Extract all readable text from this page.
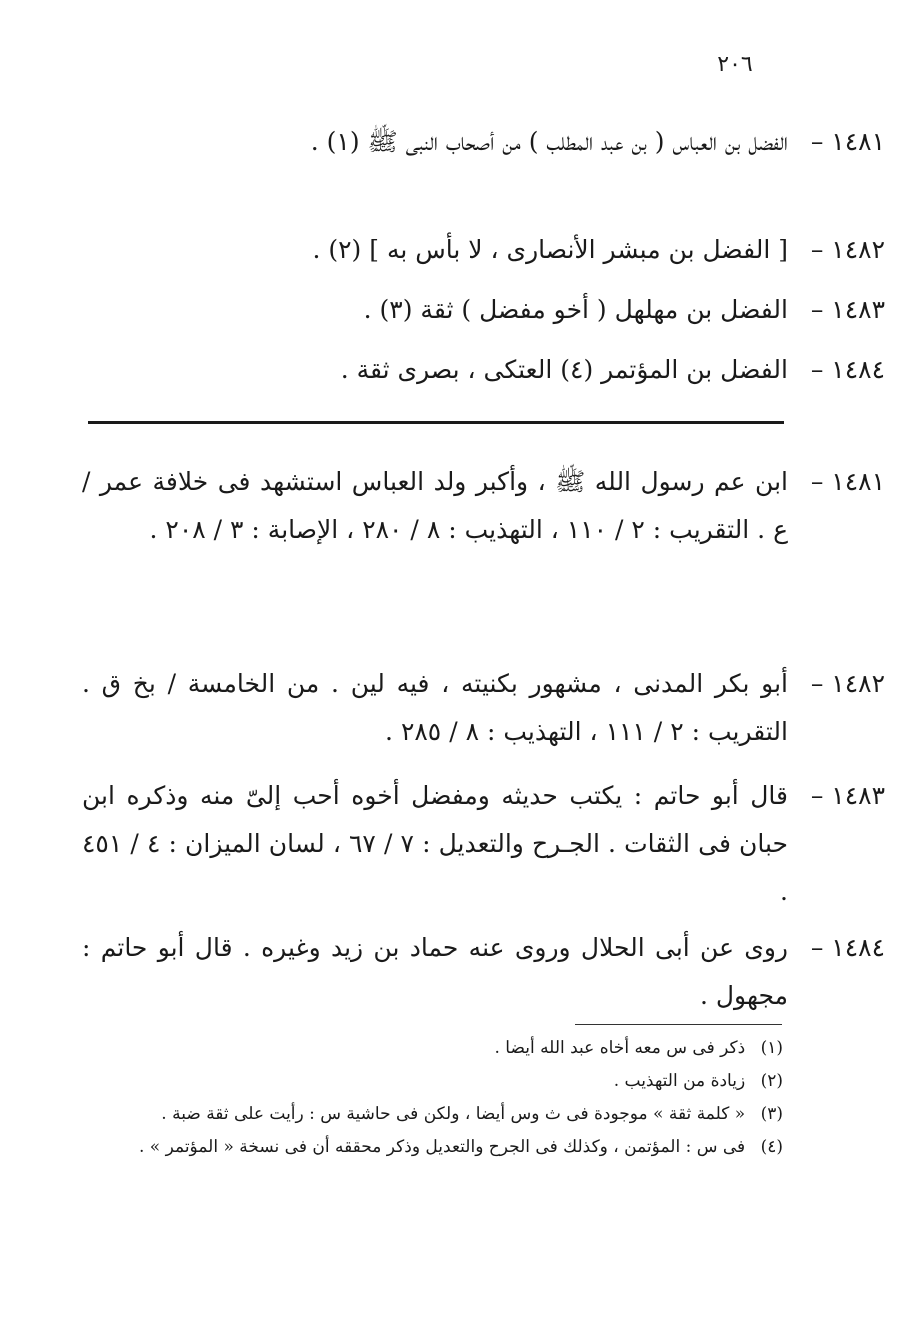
٢٠٦
١٤٨١ –
الفضل بن العباس ( بن عبد المطلب ) من أصحاب النبى ﷺ (١) .
١٤٨٢ –
[ الفضل بن مبشر الأنصارى ، لا بأس به ] (٢) .
١٤٨٣ –
الفضل بن مهلهل ( أخو مفضل ) ثقة (٣) .
١٤٨٤ –
الفضل بن المؤتمر (٤) العتكى ، بصرى ثقة .
١٤٨١ –
ابن عم رسول الله ﷺ ، وأكبر ولد العباس استشهد فى خلافة عمر / ع . التقريب : ٢ / ١١٠ ، التهذيب : ٨ / ٢٨٠ ، الإصابة : ٣ / ٢٠٨ .
١٤٨٢ –
أبو بكر المدنى ، مشهور بكنيته ، فيه لين . من الخامسة / بخ ق . التقريب : ٢ / ١١١ ، التهذيب : ٨ / ٢٨٥ .
١٤٨٣ –
قال أبو حاتم : يكتب حديثه ومفضل أخوه أحب إلىّ منه وذكره ابن حبان فى الثقات . الجـرح والتعديل : ٧ / ٦٧ ، لسان الميزان : ٤ / ٤٥١ .
١٤٨٤ –
روى عن أبى الحلال وروى عنه حماد بن زيد وغيره . قال أبو حاتم : مجهول .

(١) ذكر فى س معه أخاه عبد الله أيضا .

(٢) زيادة من التهذيب .

(٣) « كلمة ثقة » موجودة فى ث وس أيضا ، ولكن فى حاشية س : رأيت على ثقة ضبة .

(٤) فى س : المؤتمن ، وكذلك فى الجرح والتعديل وذكر محققه أن فى نسخة « المؤتمر » .
